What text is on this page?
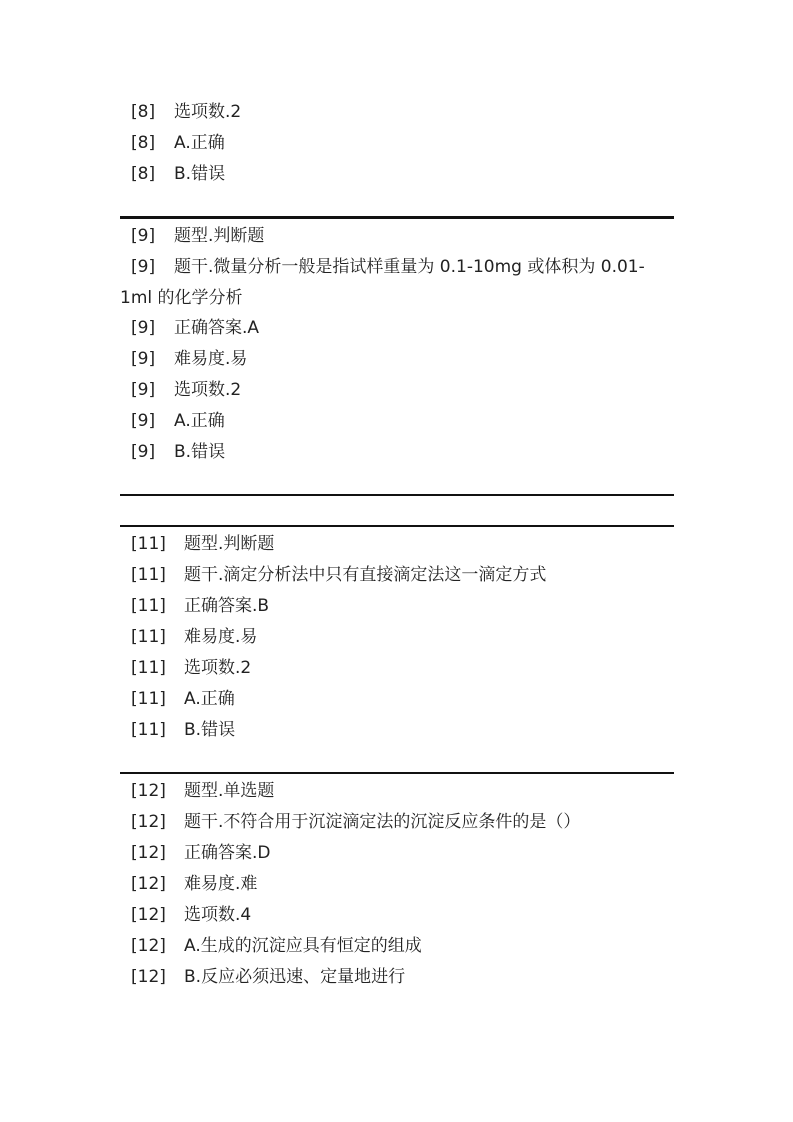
[8] 选项数.2
[8] A.正确
[8] B.错误
[9] 题型.判断题
[9] 题干.微量分析一般是指试样重量为 0.1-10mg 或体积为 0.01-
1ml 的化学分析
[9] 正确答案.A
[9] 难易度.易
[9] 选项数.2
[9] A.正确
[9] B.错误
[11] 题型.判断题
[11] 题干.滴定分析法中只有直接滴定法这一滴定方式
[11] 正确答案.B
[11] 难易度.易
[11] 选项数.2
[11] A.正确
[11] B.错误
[12] 题型.单选题
[12] 题干.不符合用于沉淀滴定法的沉淀反应条件的是（）
[12] 正确答案.D
[12] 难易度.难
[12] 选项数.4
[12] A.生成的沉淀应具有恒定的组成
[12] B.反应必须迅速、定量地进行
